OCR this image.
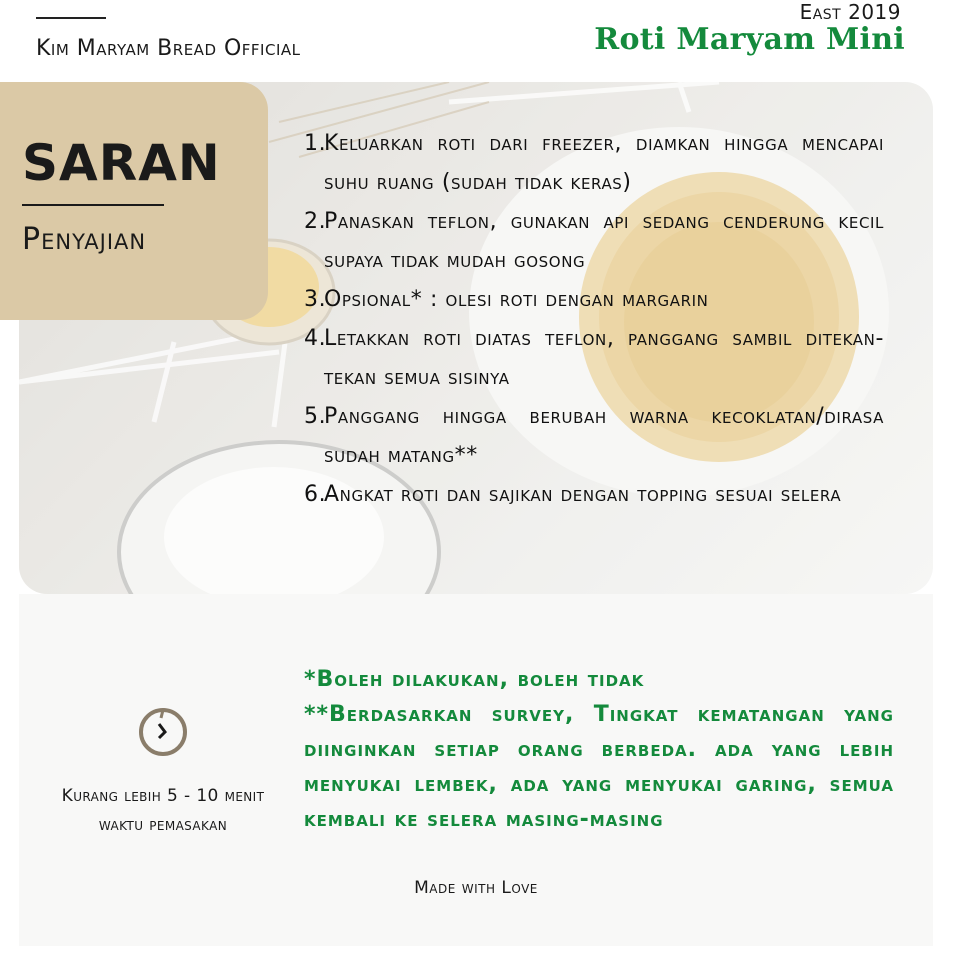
Kim Maryam Bread Official
East 2019
Roti Maryam Mini
SARAN
Penyajian
1.
Keluarkan roti dari freezer, diamkan hingga mencapai suhu ruang (sudah tidak keras)
2.
Panaskan teflon, gunakan api sedang cenderung kecil supaya tidak mudah gosong
3.
Opsional* : olesi roti dengan margarin
4.
Letakkan roti diatas teflon, panggang sambil ditekan-tekan semua sisinya
5.
Panggang hingga berubah warna kecoklatan/dirasa sudah matang**
6.
Angkat roti dan sajikan dengan topping sesuai selera
Kurang lebih 5 - 10 menit
waktu pemasakan

*Boleh dilakukan, boleh tidak

**Berdasarkan survey, Tingkat kematangan yang diinginkan setiap orang berbeda. ada yang lebih menyukai lembek, ada yang menyukai garing, semua kembali ke selera masing-masing

Made with Love
